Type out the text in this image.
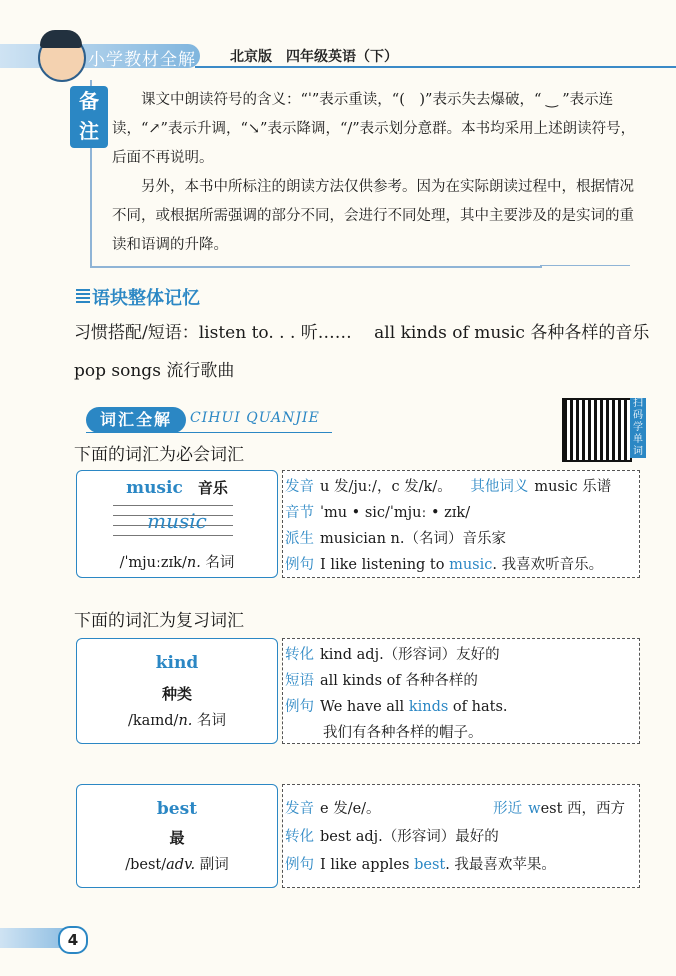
小学教材全解 北京版　四年级英语（下）
备注

课文中朗读符号的含义：“ˈ”表示重读，“(　)”表示失去爆破，“ ‿ ”表示连读，“↗”表示升调，“↘”表示降调，“/”表示划分意群。本书均采用上述朗读符号，后面不再说明。

另外，本书中所标注的朗读方法仅供参考。因为在实际朗读过程中，根据情况不同，或根据所需强调的部分不同，会进行不同处理，其中主要涉及的是实词的重读和语调的升降。

语块整体记忆
习惯搭配/短语：listen to. . . 听……　 all kinds of music 各种各样的音乐
pop songs 流行歌曲
词汇全解	CIHUI QUANJIE
扫码学单词
下面的词汇为必会词汇
music 音乐
music
/ˈmjuːzɪk/n. 名词
发音 u 发/juː/，c 发/k/。 其他词义 music 乐谱
音节 ˈmu • sic/ˈmjuː • zɪk/
派生 musician n.（名词）音乐家
例句 I like listening to music. 我喜欢听音乐。
下面的词汇为复习词汇
kind
种类
/kaɪnd/n. 名词
转化 kind adj.（形容词）友好的
短语 all kinds of 各种各样的
例句 We have all kinds of hats.
我们有各种各样的帽子。
best
最
/best/adv. 副词
发音 e 发/e/。	形近 west 西，西方
转化 best adj.（形容词）最好的
例句 I like apples best. 我最喜欢苹果。
4
